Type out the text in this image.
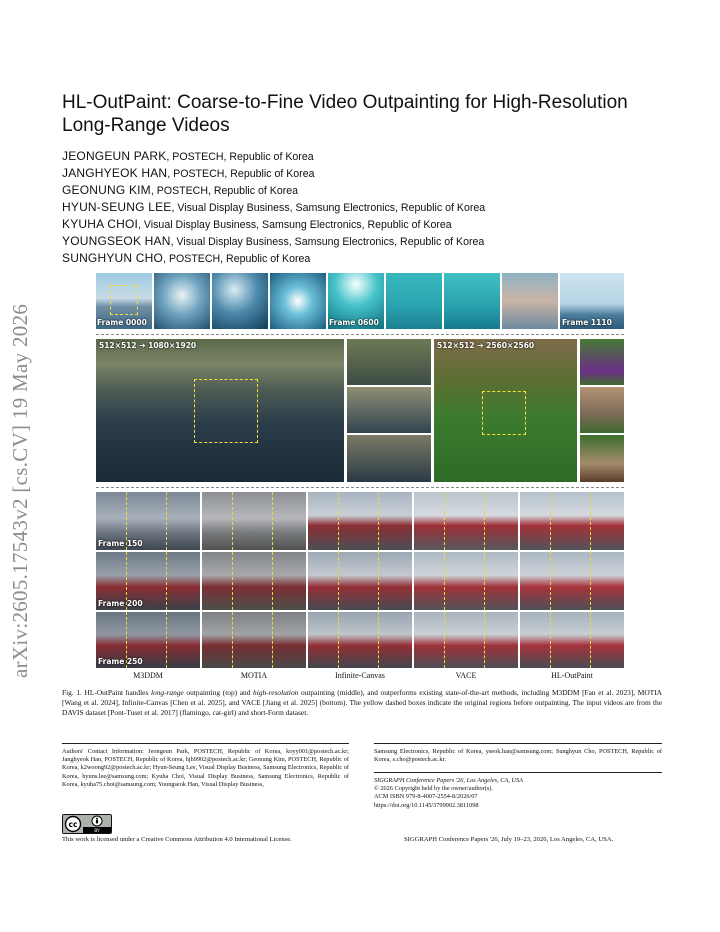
arXiv:2605.17543v2 [cs.CV] 19 May 2026
HL-OutPaint: Coarse-to-Fine Video Outpainting for High-Resolution
Long-Range Videos
JEONGEUN PARK, POSTECH, Republic of Korea
JANGHYEOK HAN, POSTECH, Republic of Korea
GEONUNG KIM, POSTECH, Republic of Korea
HYUN-SEUNG LEE, Visual Display Business, Samsung Electronics, Republic of Korea
KYUHA CHOI, Visual Display Business, Samsung Electronics, Republic of Korea
YOUNGSEOK HAN, Visual Display Business, Samsung Electronics, Republic of Korea
SUNGHYUN CHO, POSTECH, Republic of Korea
Frame 0000	Frame 0600	Frame 1110
512×512 ➔ 1080×1920	512×512 ➔ 2560×2560
Frame 150
Frame 200
Frame 250
M3DDM	MOTIA	Infinite-Canvas	VACE	HL-OutPaint
Fig. 1. HL-OutPaint handles long-range outpainting (top) and high-resolution outpainting (middle), and outperforms existing state-of-the-art methods, including M3DDM [Fan et al. 2023], MOTIA [Wang et al. 2024], Infinite-Canvas [Chen et al. 2025], and VACE [Jiang et al. 2025] (bottom). The yellow dashed boxes indicate the original regions before outpainting. The input videos are from the DAVIS dataset [Pont-Tuset et al. 2017] (flamingo, cat-girl) and short-Form dataset.
Authors' Contact Information: Jeongeun Park, POSTECH, Republic of Korea, koyy001@postech.ac.kr; Janghyeok Han, POSTECH, Republic of Korea, hjh9902@postech.ac.kr; Geonung Kim, POSTECH, Republic of Korea, k2woong92@postech.ac.kr; Hyun-Seung Lee, Visual Display Business, Samsung Electronics, Republic of Korea, hyuns.lee@samsung.com; Kyuha Choi, Visual Display Business, Samsung Electronics, Republic of Korea, kyuha75.choi@samsung.com; Youngseok Han, Visual Display Business,
Samsung Electronics, Republic of Korea, yseok.han@samsung.com; Sunghyun Cho, POSTECH, Republic of Korea, s.cho@postech.ac.kr.
SIGGRAPH Conference Papers '26, Los Angeles, CA, USA
© 2026 Copyright held by the owner/author(s).
ACM ISBN 979-8-4007-2554-8/2026/07
https://doi.org/10.1145/3799902.3811098
cc
BY
This work is licensed under a Creative Commons Attribution 4.0 International License.	SIGGRAPH Conference Papers '26, July 19–23, 2026, Los Angeles, CA, USA.
